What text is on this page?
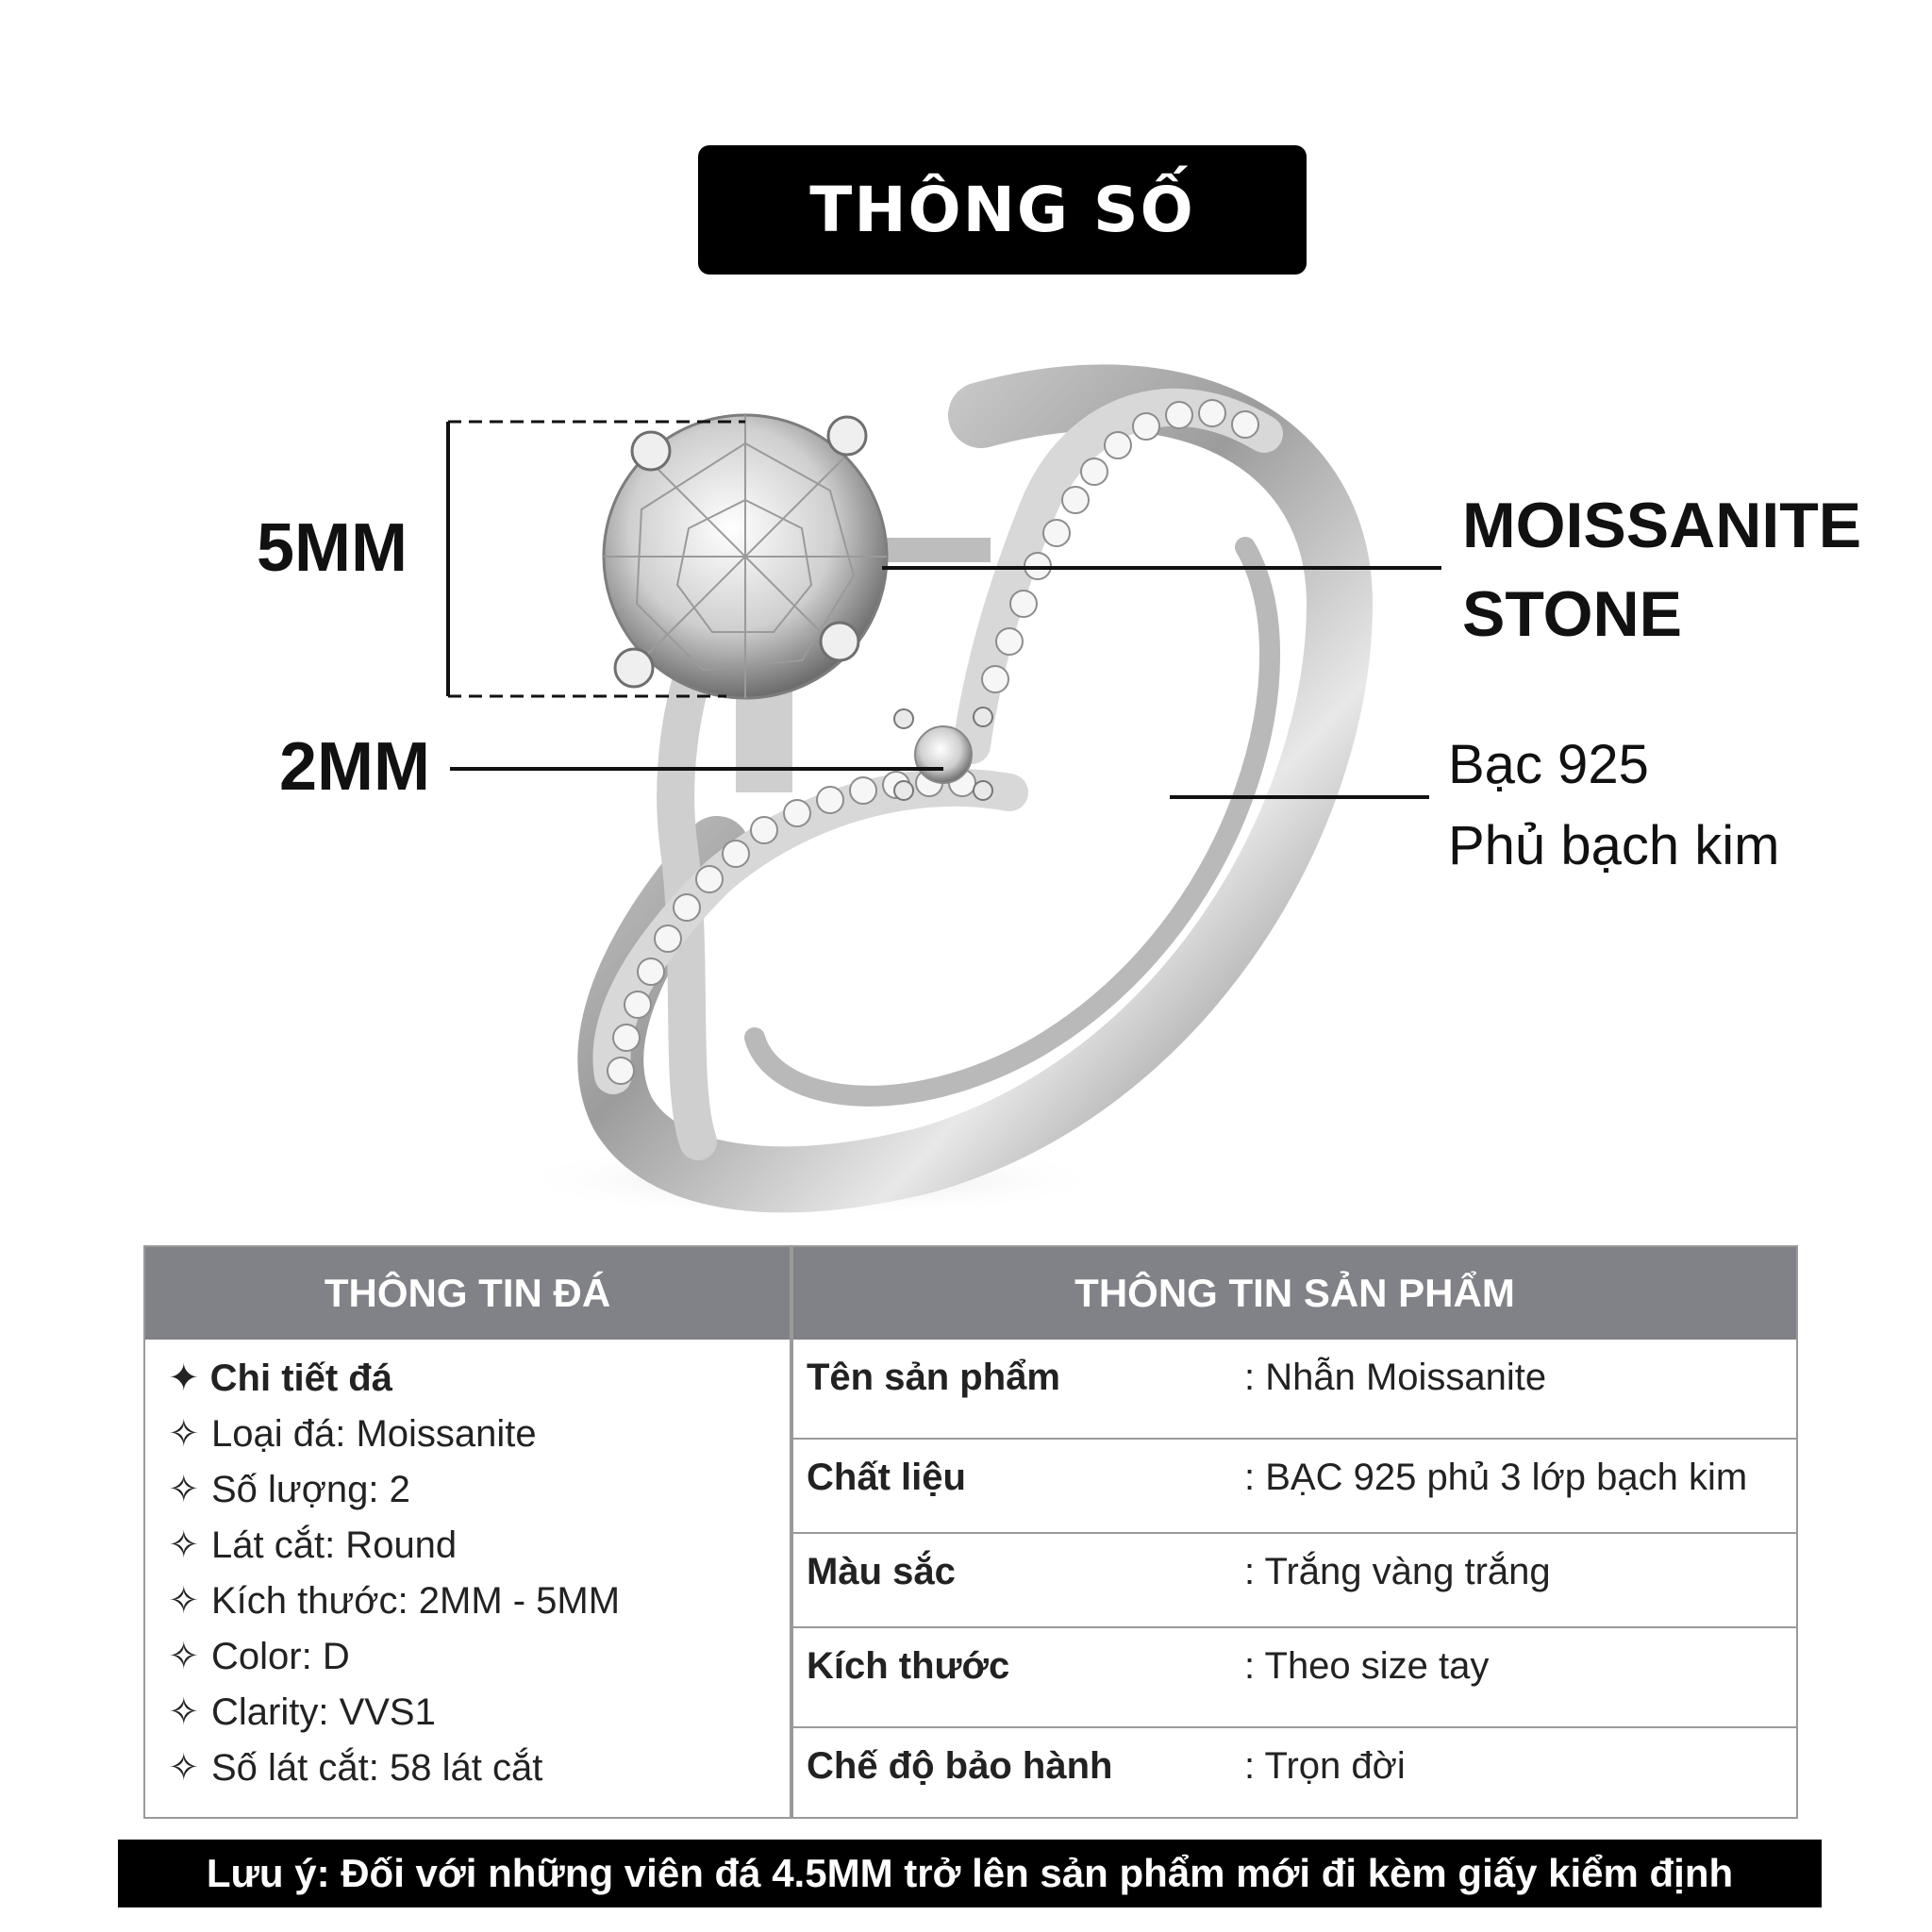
THÔNG SỐ
5MM
2MM
MOISSANITE
STONE
Bạc 925
Phủ bạch kim
THÔNG TIN ĐÁ
✦ Chi tiết đá
✧ Loại đá: Moissanite
✧ Số lượng: 2
✧ Lát cắt: Round
✧ Kích thước: 2MM - 5MM
✧ Color: D
✧ Clarity: VVS1
✧ Số lát cắt: 58 lát cắt
THÔNG TIN SẢN PHẨM
Tên sản phẩm	: Nhẫn Moissanite
Chất liệu	: BẠC 925 phủ 3 lớp bạch kim
Màu sắc	: Trắng vàng trắng
Kích thước	: Theo size tay
Chế độ bảo hành	: Trọn đời
Lưu ý: Đối với những viên đá 4.5MM trở lên sản phẩm mới đi kèm giấy kiểm định
